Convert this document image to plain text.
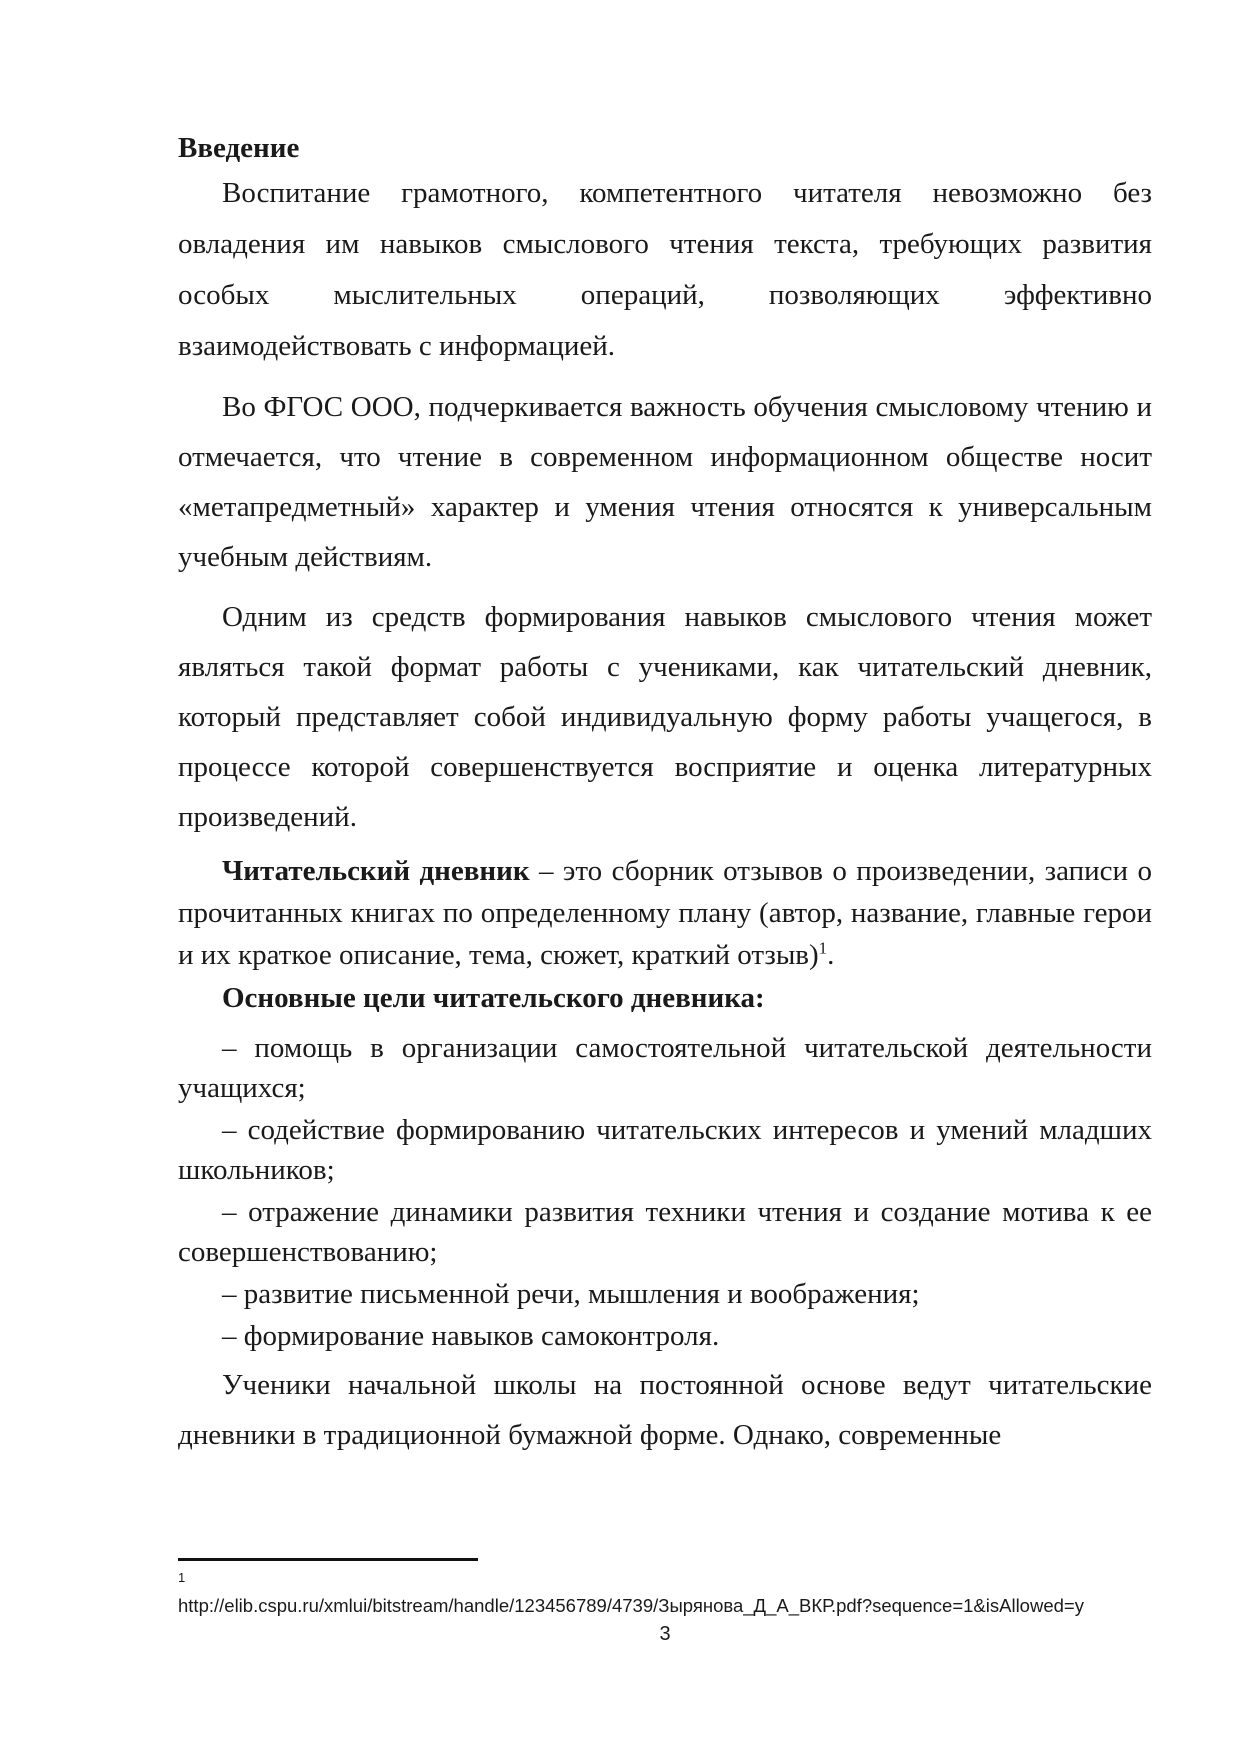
Введение

Воспитание грамотного, компетентного читателя невозможно без овладения им навыков смыслового чтения текста, требующих развития особых мыслительных операций, позволяющих эффективно взаимодействовать с информацией.

Во ФГОС ООО, подчеркивается важность обучения смысловому чтению и отмечается, что чтение в современном информационном обществе носит «метапредметный» характер и умения чтения относятся к универсальным учебным действиям.

Одним из средств формирования навыков смыслового чтения может являться такой формат работы с учениками, как читательский дневник, который представляет собой индивидуальную форму работы учащегося, в процессе которой совершенствуется восприятие и оценка литературных произведений.

Читательский дневник – это сборник отзывов о произведении, записи о прочитанных книгах по определенному плану (автор, название, главные герои и их краткое описание, тема, сюжет, краткий отзыв)$^1$.

Основные цели читательского дневника:

– помощь в организации самостоятельной читательской деятельности учащихся;

– содействие формированию читательских интересов и умений младших школьников;

– отражение динамики развития техники чтения и создание мотива к ее совершенствованию;

– развитие письменной речи, мышления и воображения;

– формирование навыков самоконтроля.

Ученики начальной школы на постоянной основе ведут читательские дневники в традиционной бумажной форме. Однако, современные

1
http://elib.cspu.ru/xmlui/bitstream/handle/123456789/4739/Зырянова_Д_А_ВКР.pdf?sequence=1&isAllowed=y
3
